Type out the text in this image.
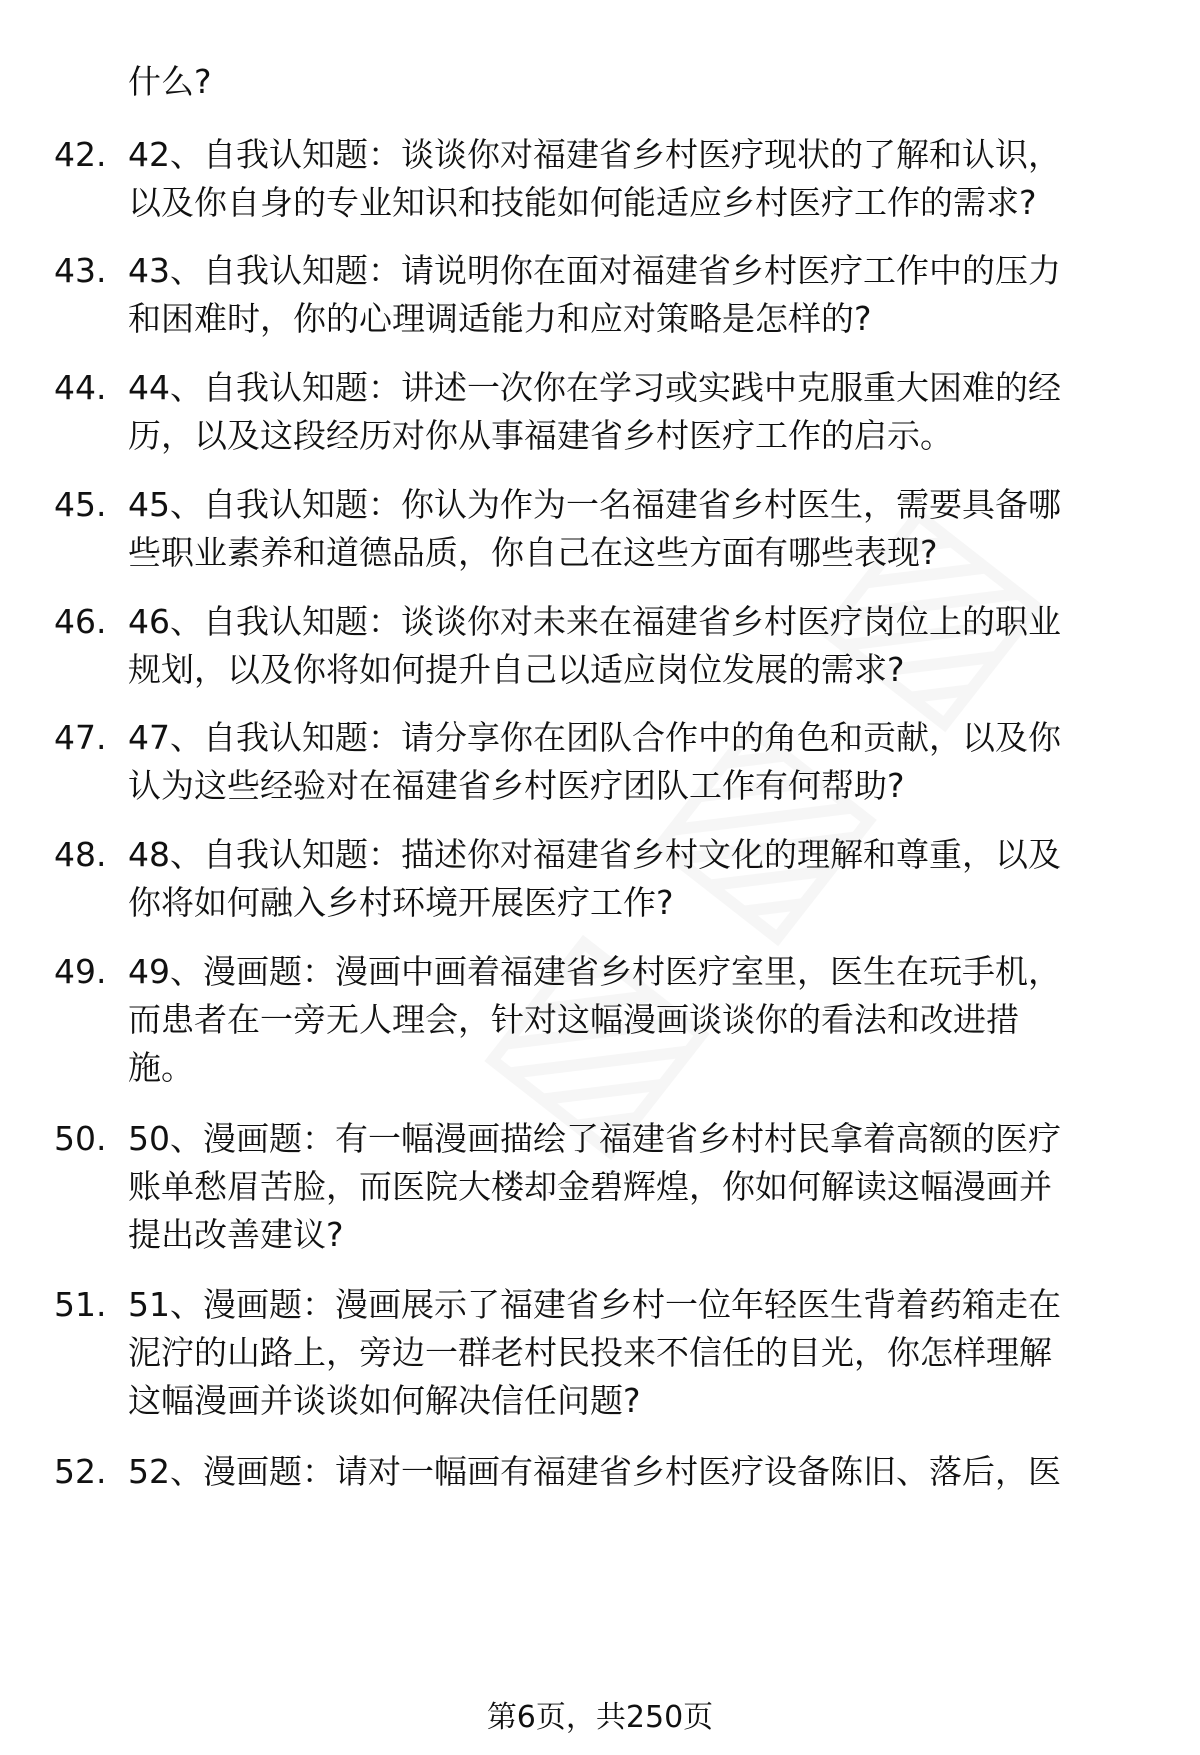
什么?
42. 42、自我认知题：谈谈你对福建省乡村医疗现状的了解和认识，
以及你自身的专业知识和技能如何能适应乡村医疗工作的需求?
43. 43、自我认知题：请说明你在面对福建省乡村医疗工作中的压力
和困难时，你的心理调适能力和应对策略是怎样的?
44. 44、自我认知题：讲述一次你在学习或实践中克服重大困难的经
历，以及这段经历对你从事福建省乡村医疗工作的启示。
45. 45、自我认知题：你认为作为一名福建省乡村医生，需要具备哪
些职业素养和道德品质，你自己在这些方面有哪些表现?
46. 46、自我认知题：谈谈你对未来在福建省乡村医疗岗位上的职业
规划，以及你将如何提升自己以适应岗位发展的需求?
47. 47、自我认知题：请分享你在团队合作中的角色和贡献，以及你
认为这些经验对在福建省乡村医疗团队工作有何帮助?
48. 48、自我认知题：描述你对福建省乡村文化的理解和尊重，以及
你将如何融入乡村环境开展医疗工作?
49. 49、漫画题：漫画中画着福建省乡村医疗室里，医生在玩手机，
而患者在一旁无人理会，针对这幅漫画谈谈你的看法和改进措
施。
50. 50、漫画题：有一幅漫画描绘了福建省乡村村民拿着高额的医疗
账单愁眉苦脸，而医院大楼却金碧辉煌，你如何解读这幅漫画并
提出改善建议?
51. 51、漫画题：漫画展示了福建省乡村一位年轻医生背着药箱走在
泥泞的山路上，旁边一群老村民投来不信任的目光，你怎样理解
这幅漫画并谈谈如何解决信任问题?
52. 52、漫画题：请对一幅画有福建省乡村医疗设备陈旧、落后，医
第6页，共250页
